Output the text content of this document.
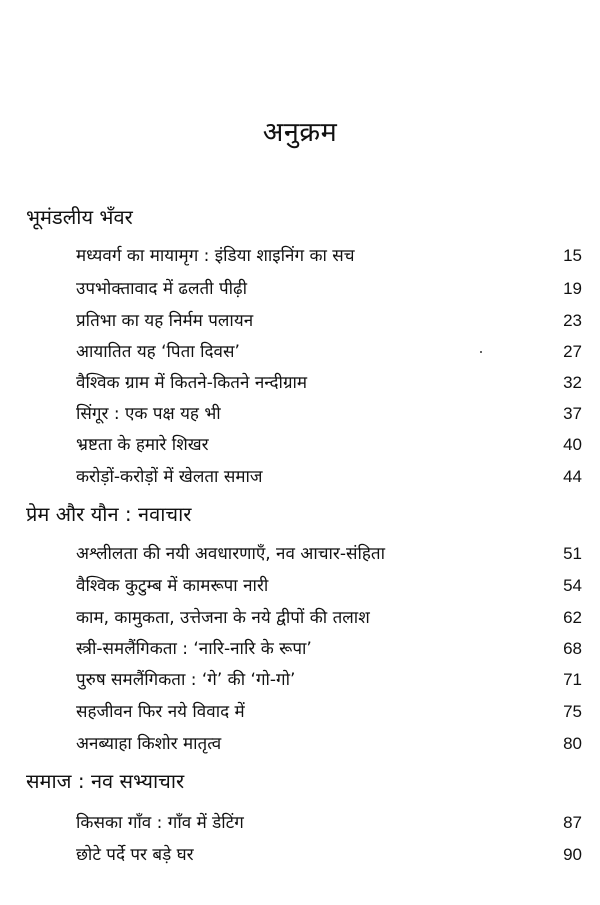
अनुक्रम
भूमंडलीय भँवर
मध्यवर्ग का मायामृग : इंडिया शाइनिंग का सच	15
उपभोक्तावाद में ढलती पीढ़ी	19
प्रतिभा का यह निर्मम पलायन	23
आयातित यह ‘पिता दिवस’	27
वैश्विक ग्राम में कितने-कितने नन्दीग्राम	32
सिंगूर : एक पक्ष यह भी	37
भ्रष्टता के हमारे शिखर	40
करोड़ों-करोड़ों में खेलता समाज	44
प्रेम और यौन : नवाचार
अश्लीलता की नयी अवधारणाएँ, नव आचार-संहिता	51
वैश्विक कुटुम्ब में कामरूपा नारी	54
काम, कामुकता, उत्तेजना के नये द्वीपों की तलाश	62
स्त्री-समलैंगिकता : ‘नारि-नारि के रूपा’	68
पुरुष समलैंगिकता : ‘गे’ की ‘गो-गो’	71
सहजीवन फिर नये विवाद में	75
अनब्याहा किशोर मातृत्व	80
समाज : नव सभ्याचार
किसका गाँव : गाँव में डेटिंग	87
छोटे पर्दे पर बड़े घर	90
